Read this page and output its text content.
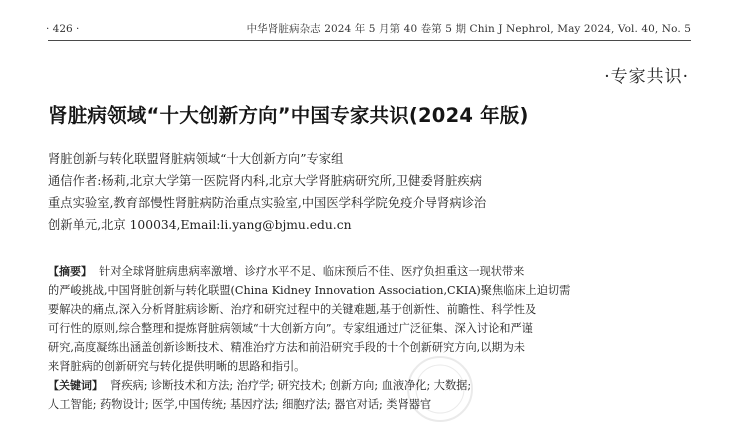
· 426 ·	中华肾脏病杂志 2024 年 5 月第 40 卷第 5 期 Chin J Nephrol, May 2024, Vol. 40, No. 5
·专家共识·
肾脏病领域“十大创新方向”中国专家共识(2024 年版)
肾脏创新与转化联盟肾脏病领域“十大创新方向”专家组
通信作者:杨莉,北京大学第一医院肾内科,北京大学肾脏病研究所,卫健委肾脏疾病
重点实验室,教育部慢性肾脏病防治重点实验室,中国医学科学院免疫介导肾病诊治
创新单元,北京 100034,Email:li.yang@bjmu.edu.cn
【摘要】 针对全球肾脏病患病率激增、诊疗水平不足、临床预后不佳、医疗负担重这一现状带来
的严峻挑战,中国肾脏创新与转化联盟(China Kidney Innovation Association,CKIA)聚焦临床上迫切需
要解决的痛点,深入分析肾脏病诊断、治疗和研究过程中的关键难题,基于创新性、前瞻性、科学性及
可行性的原则,综合整理和提炼肾脏病领域“十大创新方向”。专家组通过广泛征集、深入讨论和严谨
研究,高度凝练出涵盖创新诊断技术、精准治疗方法和前沿研究手段的十个创新研究方向,以期为未
来肾脏病的创新研究与转化提供明晰的思路和指引。
【关键词】 肾疾病; 诊断技术和方法; 治疗学; 研究技术; 创新方向; 血液净化; 大数据;
人工智能; 药物设计; 医学,中国传统; 基因疗法; 细胞疗法; 器官对话; 类肾器官
